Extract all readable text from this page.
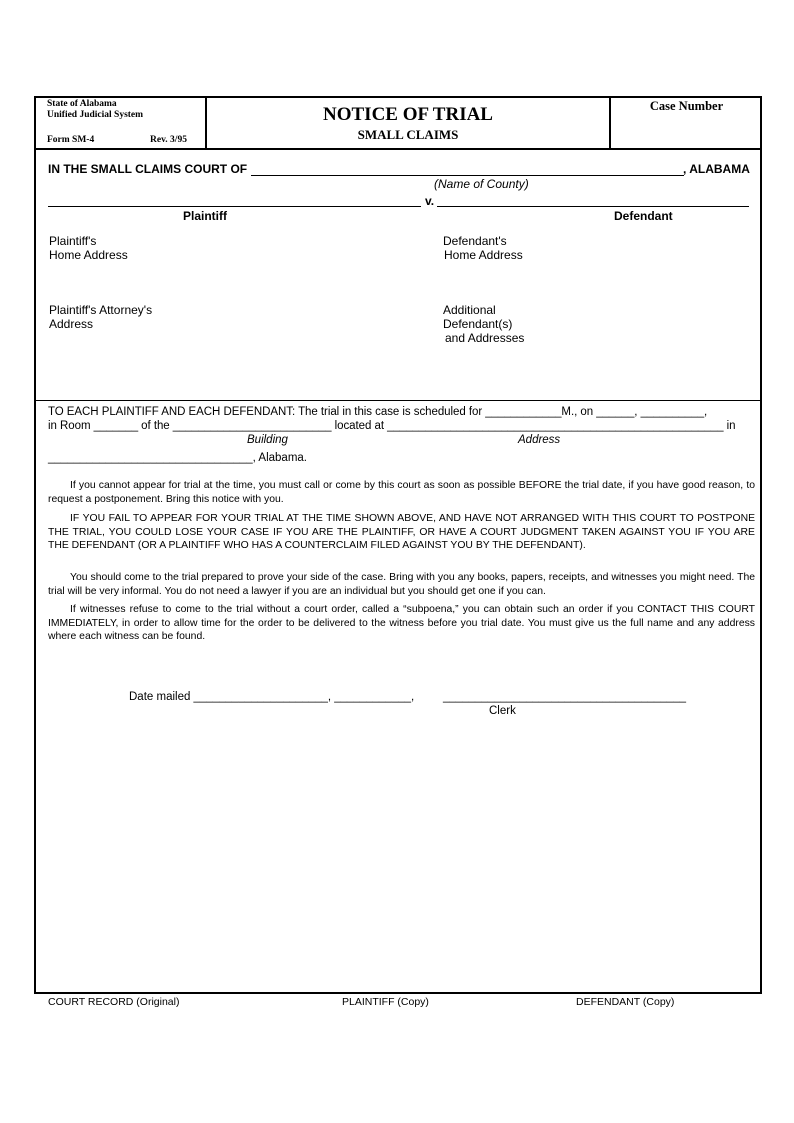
State of Alabama
Unified Judicial System
Form SM-4	Rev. 3/95
NOTICE OF TRIAL
SMALL CLAIMS
Case Number
IN THE SMALL CLAIMS COURT OF	, ALABAMA
(Name of County)
v.
Plaintiff	Defendant
Plaintiff's
Home Address
Defendant's
Home Address
Plaintiff's Attorney's
Address
Additional
Defendant(s)
and Addresses
TO EACH PLAINTIFF AND EACH DEFENDANT: The trial in this case is scheduled for ____________M., on ______, __________,
in Room _______ of the _________________________ located at _____________________________________________________ in
Building	Address
________________________________, Alabama.
If you cannot appear for trial at the time, you must call or come by this court as soon as possible BEFORE the trial date, if you have good reason, to request a postponement. Bring this notice with you.
IF YOU FAIL TO APPEAR FOR YOUR TRIAL AT THE TIME SHOWN ABOVE, AND HAVE NOT ARRANGED WITH THIS COURT TO POSTPONE THE TRIAL, YOU COULD LOSE YOUR CASE IF YOU ARE THE PLAINTIFF, OR HAVE A COURT JUDGMENT TAKEN AGAINST YOU IF YOU ARE THE DEFENDANT (OR A PLAINTIFF WHO HAS A COUNTERCLAIM FILED AGAINST YOU BY THE DEFENDANT).
You should come to the trial prepared to prove your side of the case. Bring with you any books, papers, receipts, and witnesses you might need. The trial will be very informal. You do not need a lawyer if you are an individual but you should get one if you can.
If witnesses refuse to come to the trial without a court order, called a “subpoena,” you can obtain such an order if you CONTACT THIS COURT IMMEDIATELY, in order to allow time for the order to be delivered to the witness before you trial date. You must give us the full name and any address where each witness can be found.
Date mailed _____________________, ____________,	______________________________________
Clerk
COURT RECORD (Original)	PLAINTIFF (Copy)	DEFENDANT (Copy)
